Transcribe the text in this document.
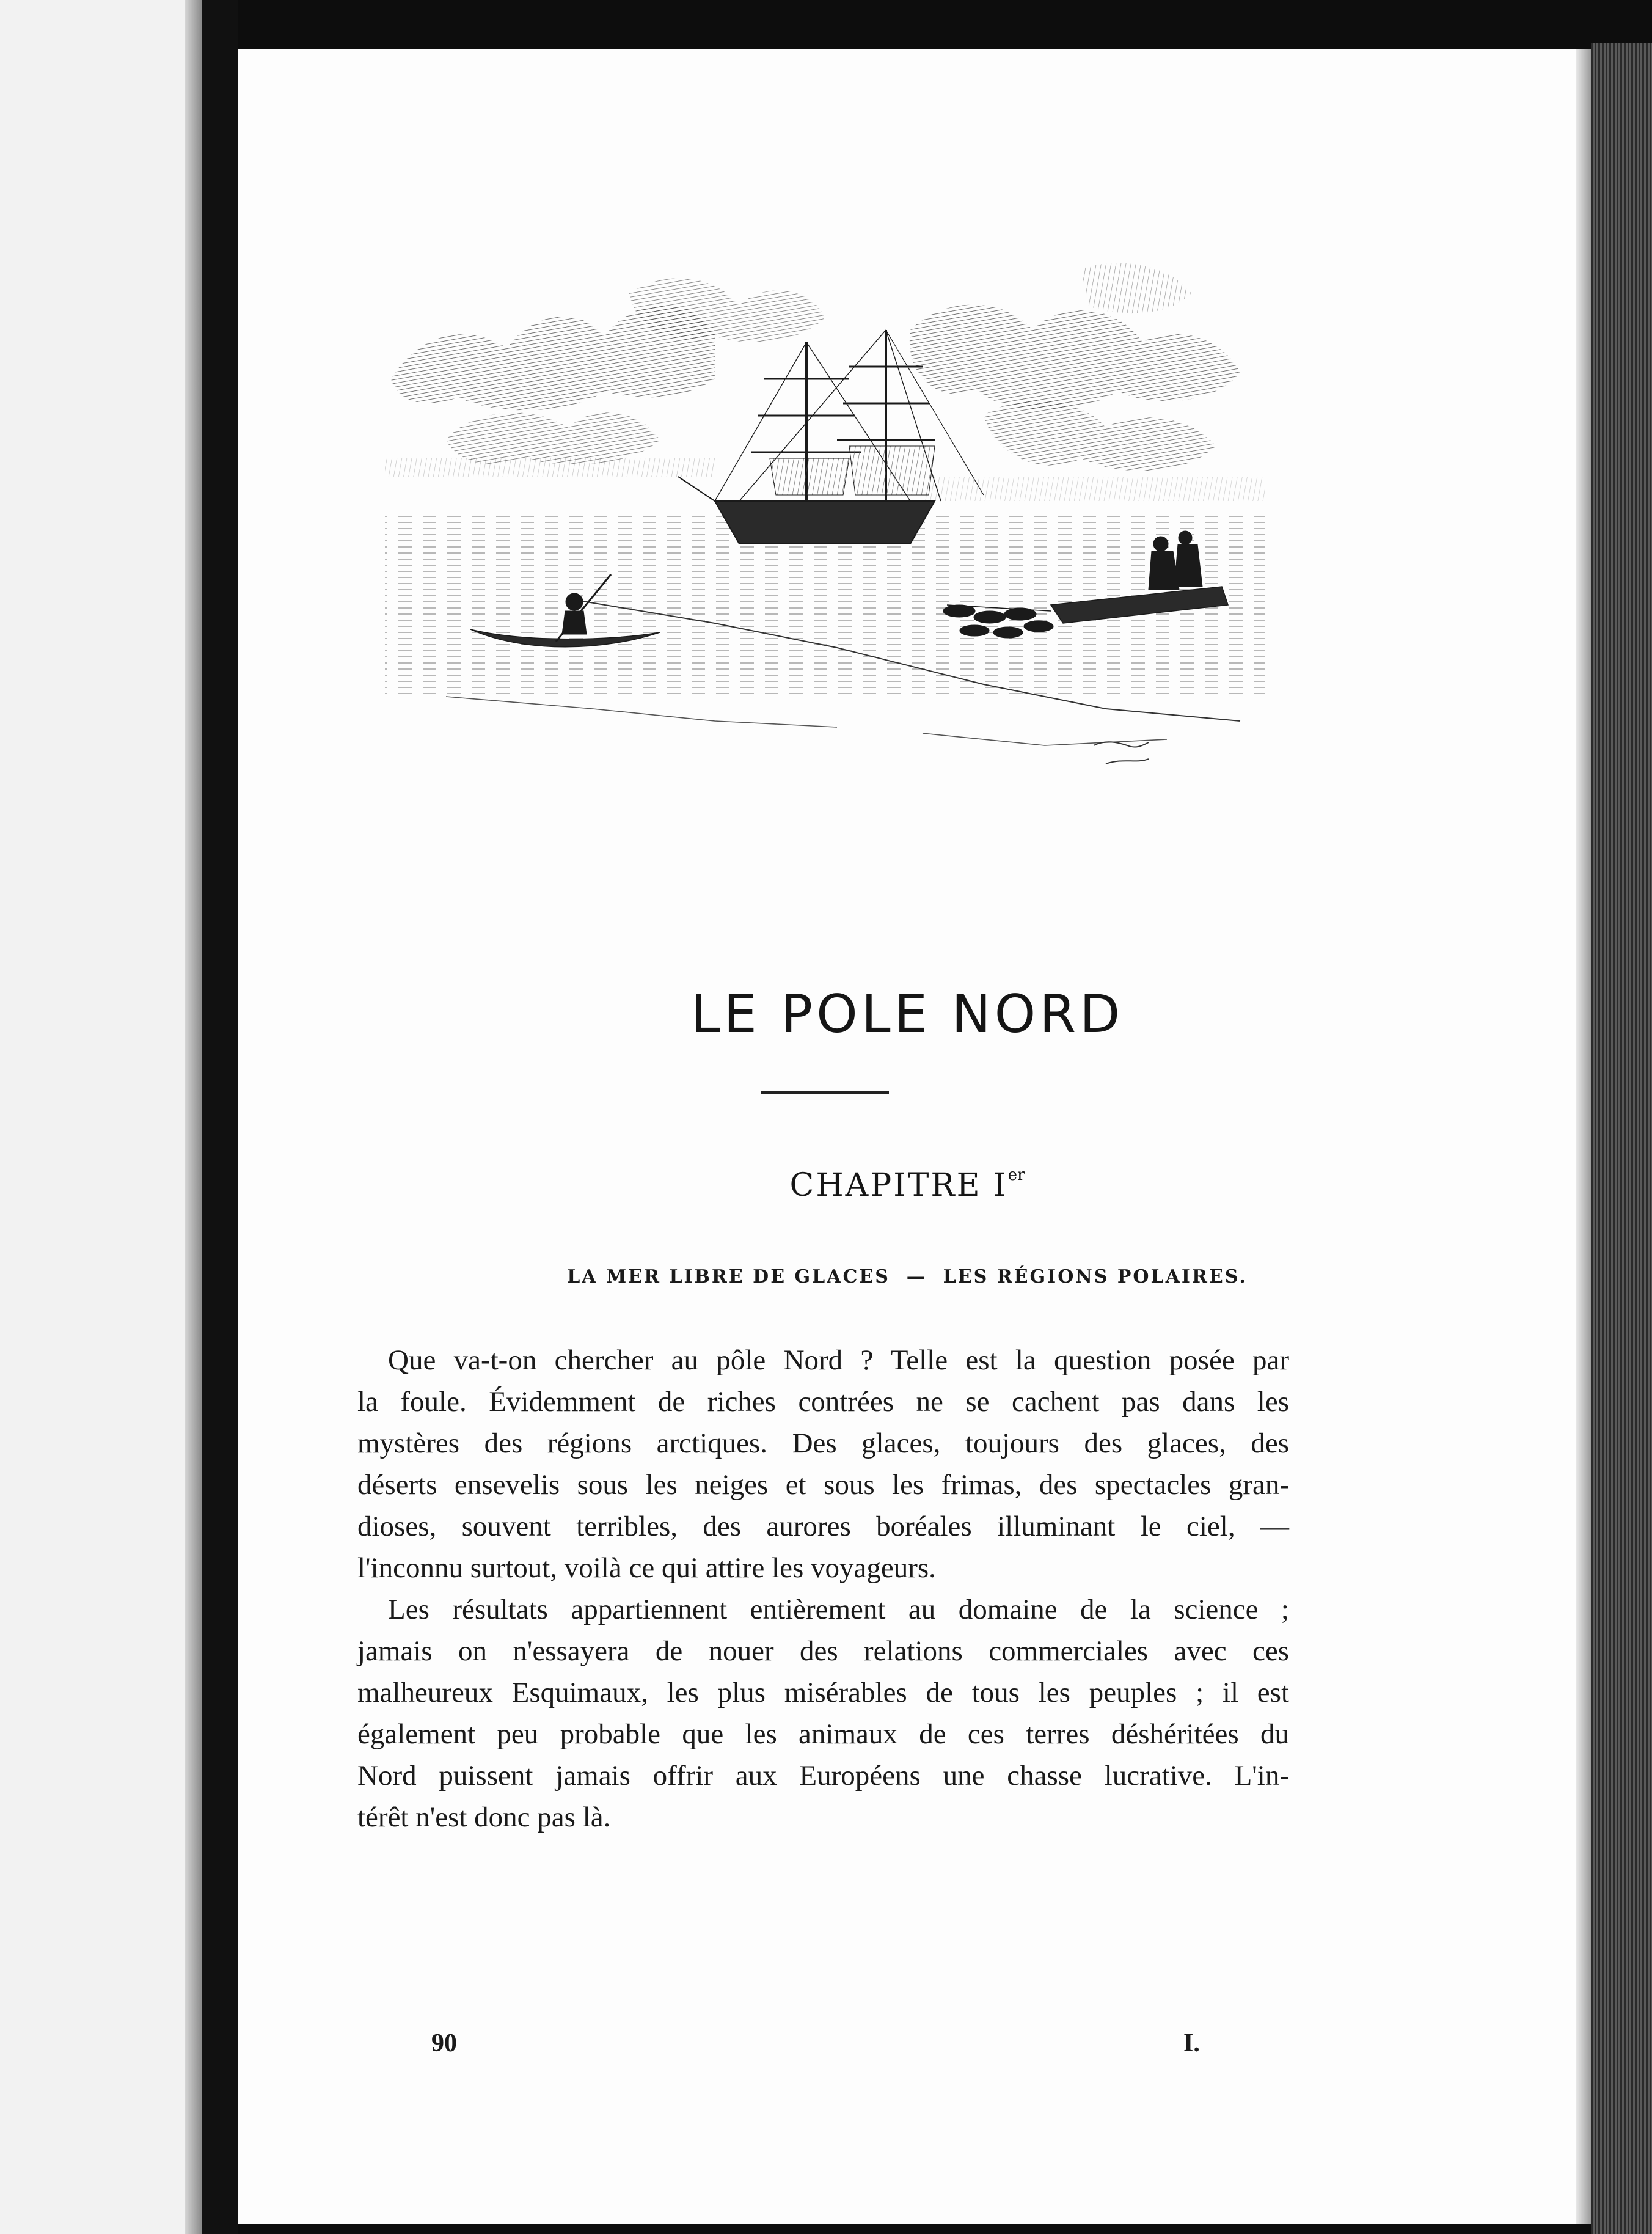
LE POLE NORD
CHAPITRE Ier
LA MER LIBRE DE GLACES  —  LES RÉGIONS POLAIRES.

Que va-t-on chercher au pôle Nord ? Telle est la question posée par
la foule. Évidemment de riches contrées ne se cachent pas dans les
mystères des régions arctiques. Des glaces, toujours des glaces, des
déserts ensevelis sous les neiges et sous les frimas, des spectacles gran-
dioses, souvent terribles, des aurores boréales illuminant le ciel, —
l'inconnu surtout, voilà ce qui attire les voyageurs.

Les résultats appartiennent entièrement au domaine de la science ;
jamais on n'essayera de nouer des relations commerciales avec ces
malheureux Esquimaux, les plus misérables de tous les peuples ; il est
également peu probable que les animaux de ces terres déshéritées du
Nord puissent jamais offrir aux Européens une chasse lucrative. L'in-
térêt n'est donc pas là.

90	I.
